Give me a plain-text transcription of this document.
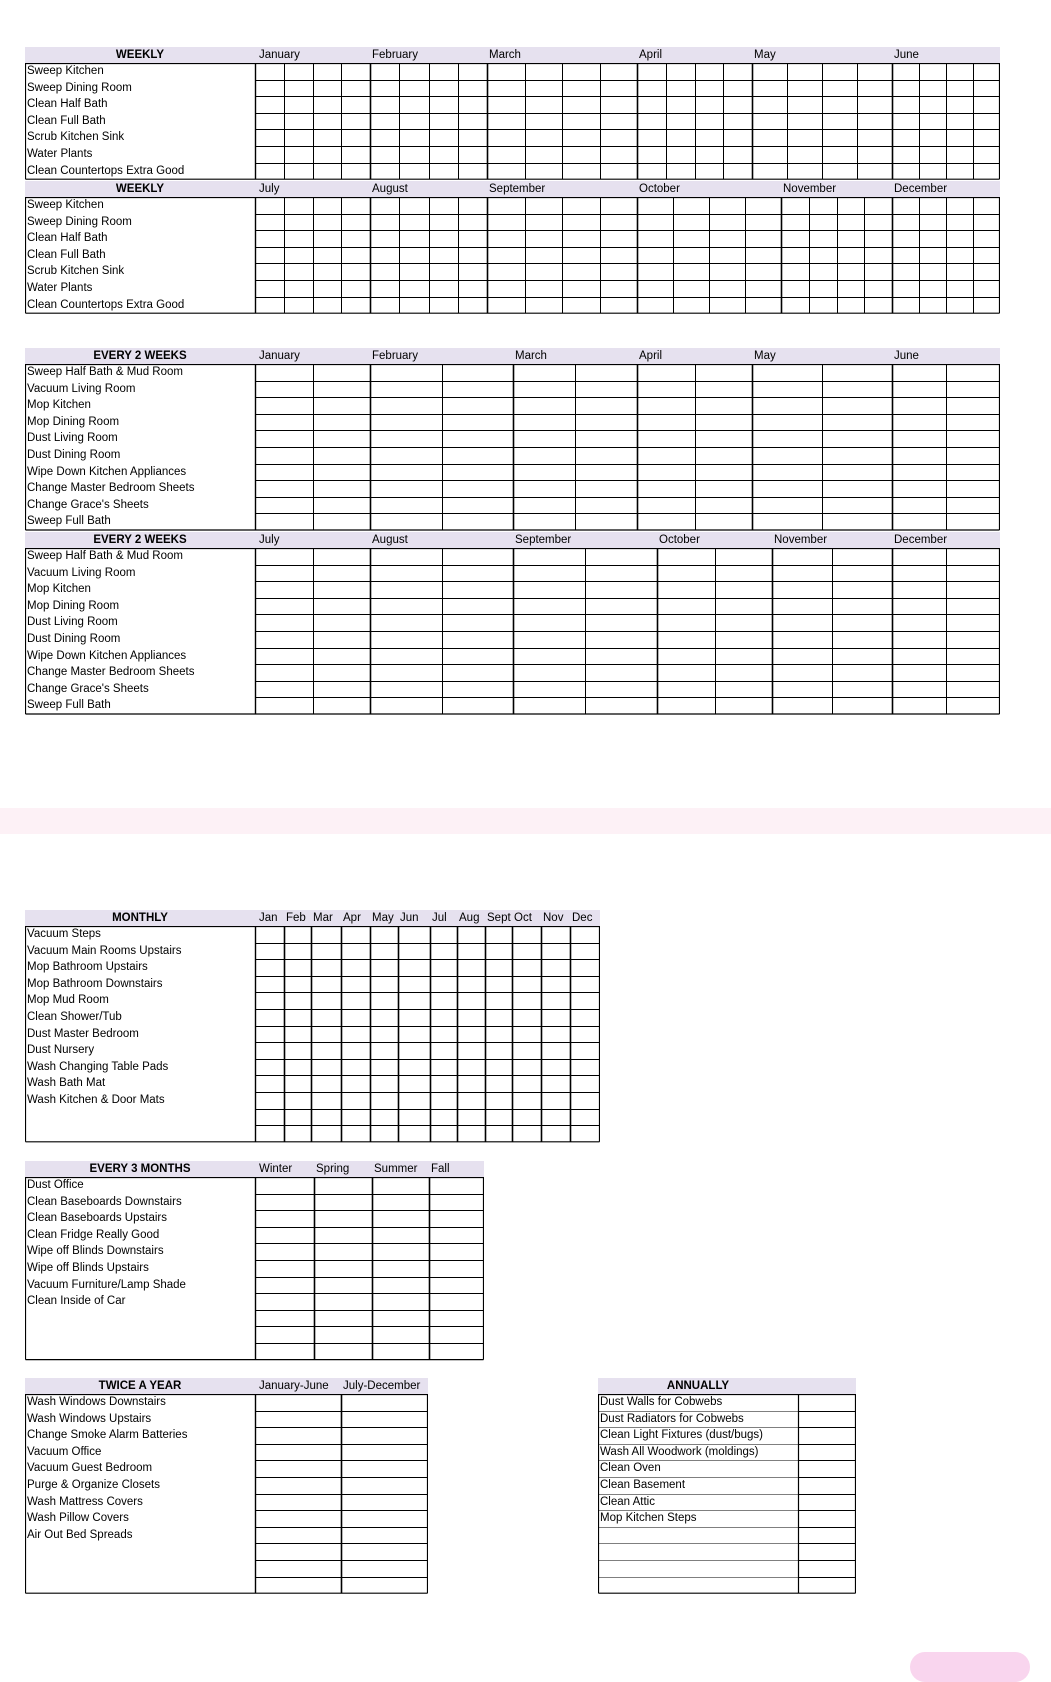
WEEKLY	January	February	March	April	May	June
Sweep Kitchen
Sweep Dining Room
Clean Half Bath
Clean Full Bath
Scrub Kitchen Sink
Water Plants
Clean Countertops Extra Good
WEEKLY	July	August	September	October	November	December
Sweep Kitchen
Sweep Dining Room
Clean Half Bath
Clean Full Bath
Scrub Kitchen Sink
Water Plants
Clean Countertops Extra Good
EVERY 2 WEEKS	January	February	March	April	May	June
Sweep Half Bath & Mud Room
Vacuum Living Room
Mop Kitchen
Mop Dining Room
Dust Living Room
Dust Dining Room
Wipe Down Kitchen Appliances
Change Master Bedroom Sheets
Change Grace's Sheets
Sweep Full Bath
EVERY 2 WEEKS	July	August	September	October	November	December
Sweep Half Bath & Mud Room
Vacuum Living Room
Mop Kitchen
Mop Dining Room
Dust Living Room
Dust Dining Room
Wipe Down Kitchen Appliances
Change Master Bedroom Sheets
Change Grace's Sheets
Sweep Full Bath
MONTHLY	Jan Feb Mar Apr May Jun Jul Aug Sept Oct Nov Dec
Vacuum Steps
Vacuum Main Rooms Upstairs
Mop Bathroom Upstairs
Mop Bathroom Downstairs
Mop Mud Room
Clean Shower/Tub
Dust Master Bedroom
Dust Nursery
Wash Changing Table Pads
Wash Bath Mat
Wash Kitchen & Door Mats
EVERY 3 MONTHS	Winter Spring Summer Fall
Dust Office
Clean Baseboards Downstairs
Clean Baseboards Upstairs
Clean Fridge Really Good
Wipe off Blinds Downstairs
Wipe off Blinds Upstairs
Vacuum Furniture/Lamp Shade
Clean Inside of Car
TWICE A YEAR	January-June July-December
Wash Windows Downstairs
Wash Windows Upstairs
Change Smoke Alarm Batteries
Vacuum Office
Vacuum Guest Bedroom
Purge & Organize Closets
Wash Mattress Covers
Wash Pillow Covers
Air Out Bed Spreads
ANNUALLY
Dust Walls for Cobwebs
Dust Radiators for Cobwebs
Clean Light Fixtures (dust/bugs)
Wash All Woodwork (moldings)
Clean Oven
Clean Basement
Clean Attic
Mop Kitchen Steps
